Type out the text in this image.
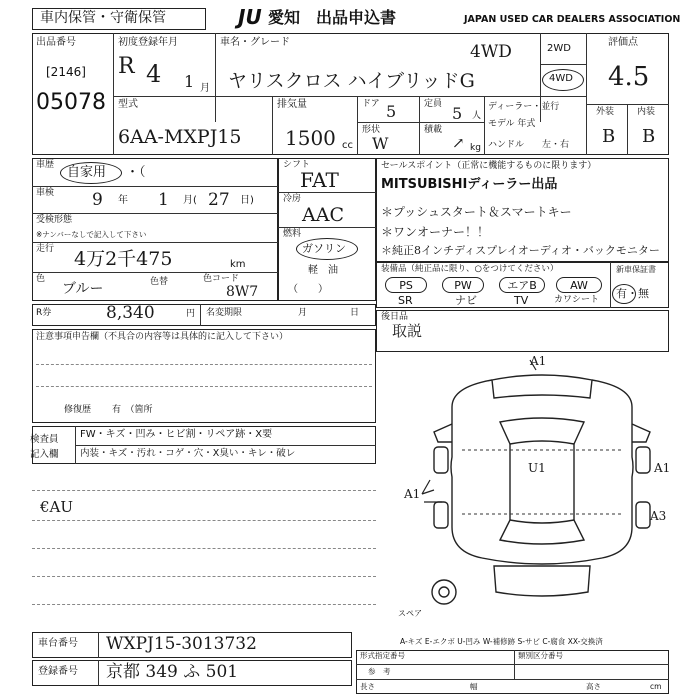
車内保管・守衛保管	JU 愛知 出品申込書	JAPAN USED CAR DEALERS ASSOCIATION
出品番号
[2146]
05078
初度登録年月
R 4 1 月
車名・グレード	4WD
ヤリスクロス ハイブリッドG
2WD
4WD
評価点
4.5
外装	内装
B B
型式
6AA-MXPJ15
排気量
1500 cc
ドア 5	定員 5 人
形状
W
積載
↗ kg
ディーラー・並行
モデル 年式
ハンドル 左・右
車歴 自家用 ・（
車検 9 年 1 月( 27 日)
受検形態
※ナンバーなしで記入して下さい
走行 4万2千475	km
色
ブルー	色替	色コード
8W7
シフト
FAT
冷房
AAC
燃料
ガソリン
軽　油
（　　）
R券	8,340	円 名変期限	月	日
セールスポイント（正常に機能するものに限ります）
MITSUBISHIディーラー出品
＊プッシュスタート＆スマートキー
＊ワンオーナー！！
＊純正8インチディスプレイオーディオ・バックモニター
装備品（純正品に限り、○をつけてください）
PS	PW	エアB	AW
SR	ナビ	TV	カワシート
新車保証書
有・無
後日品
取説
注意事項申告欄（不具合の内容等は具体的に記入して下さい）
修復歴 有　（箇所
検査員 記入欄
FW・キズ・凹み・ヒビ割・リペア跡・X要
内装・キズ・汚れ・コゲ・穴・X臭い・キレ・破レ
€AU
A1
A1
U1	A1
A3
スペア
A-キズ E-エクボ U-凹み W-補修跡 S-サビ C-腐食 XX-交換済
車台番号 WXPJ15-3013732
登録番号 京都 349 ふ 501
形式指定番号	類別区分番号
参　考
長さ	幅	高さ	cm
